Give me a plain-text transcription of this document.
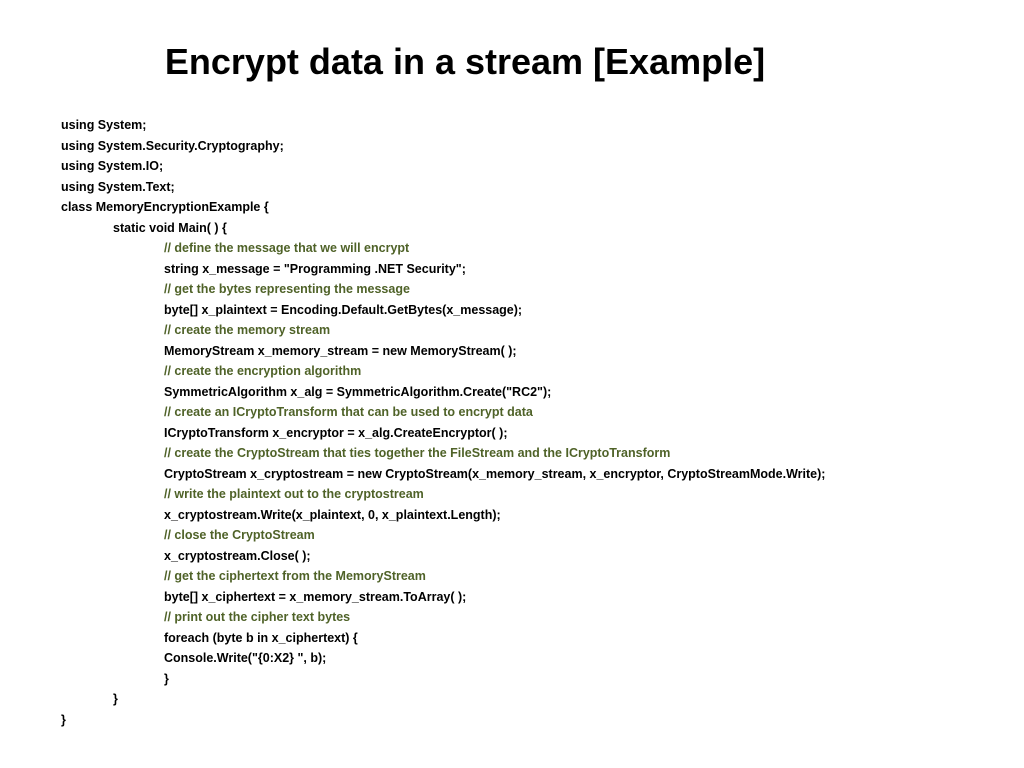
Encrypt data in a stream [Example]
using System;
using System.Security.Cryptography;
using System.IO;
using System.Text;
class MemoryEncryptionExample {
static void Main( ) {
// define the message that we will encrypt
string x_message = "Programming .NET Security";
// get the bytes representing the message
byte[] x_plaintext = Encoding.Default.GetBytes(x_message);
// create the memory stream
MemoryStream x_memory_stream = new MemoryStream( );
// create the encryption algorithm
SymmetricAlgorithm x_alg = SymmetricAlgorithm.Create("RC2");
// create an ICryptoTransform that can be used to encrypt data
ICryptoTransform x_encryptor = x_alg.CreateEncryptor( );
// create the CryptoStream that ties together the FileStream and the ICryptoTransform
CryptoStream x_cryptostream = new CryptoStream(x_memory_stream, x_encryptor, CryptoStreamMode.Write);
// write the plaintext out to the cryptostream
x_cryptostream.Write(x_plaintext, 0, x_plaintext.Length);
// close the CryptoStream
x_cryptostream.Close( );
// get the ciphertext from the MemoryStream
byte[] x_ciphertext = x_memory_stream.ToArray( );
// print out the cipher text bytes
foreach (byte b in x_ciphertext) {
Console.Write("{0:X2} ", b);
}
}
}
